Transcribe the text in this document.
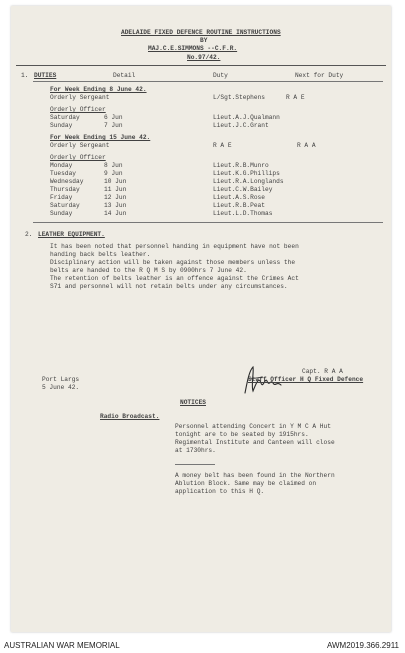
ADELAIDE FIXED DEFENCE ROUTINE INSTRUCTIONS
BY
MAJ.C.E.SIMMONS --C.F.R.
No.97/42.
1. DUTIES	Detail	Duty	Next for Duty
For Week Ending 8 June 42.
Orderly Sergeant	L/Sgt.Stephens	R A E
Orderly Officer
Saturday	6 Jun	Lieut.A.J.Qualmann
Sunday	7 Jun	Lieut.J.C.Grant
For Week Ending 15 June 42.
Orderly Sergeant	R A E	R A A
Orderly Officer
Monday	8 Jun	Lieut.R.B.Munro
Tuesday	9 Jun	Lieut.K.G.Phillips
Wednesday	10 Jun	Lieut.R.A.Longlands
Thursday	11 Jun	Lieut.C.W.Bailey
Friday	12 Jun	Lieut.A.S.Rose
Saturday	13 Jun	Lieut.R.B.Peat
Sunday	14 Jun	Lieut.L.D.Thomas
2. LEATHER EQUIPMENT.
It has been noted that personnel handing in equipment have not been
handing back belts leather.
Disciplinary action will be taken against those members unless the
belts are handed to the R Q M S by 0900hrs 7 June 42.
The retention of belts leather is an offence against the Crimes Act
S71 and personnel will not retain belts under any circumstances.
Capt. R A A
Staff Officer H Q Fixed Defence
Port Largs
5 June 42.
NOTICES
Radio Broadcast.
Personnel attending Concert in Y M C A Hut
tonight are to be seated by 1915hrs.
Regimental Institute and Canteen will close
at 1730hrs.
A money belt has been found in the Northern
Ablution Block. Same may be claimed on
application to this H Q.
AUSTRALIAN WAR MEMORIAL	AWM2019.366.2911
